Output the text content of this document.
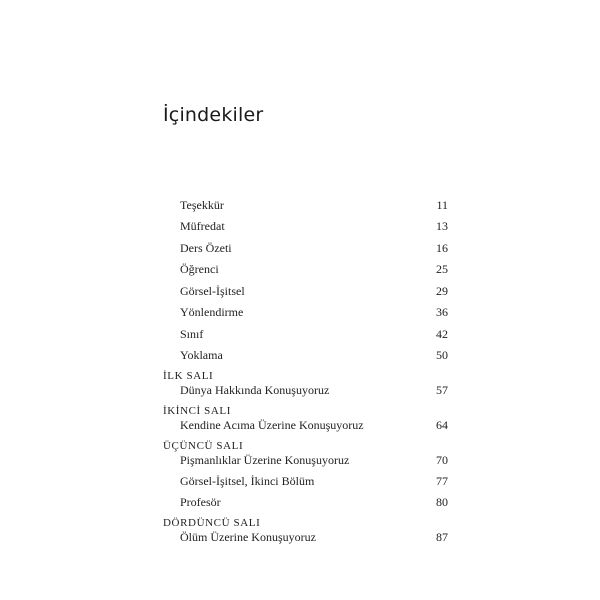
İçindekiler
Teşekkür	11
Müfredat	13
Ders Özeti	16
Öğrenci	25
Görsel-İşitsel	29
Yönlendirme	36
Sınıf	42
Yoklama	50
İLK SALI
Dünya Hakkında Konuşuyoruz	57
İKİNCİ SALI
Kendine Acıma Üzerine Konuşuyoruz	64
ÜÇÜNCÜ SALI
Pişmanlıklar Üzerine Konuşuyoruz	70
Görsel-İşitsel, İkinci Bölüm	77
Profesör	80
DÖRDÜNCÜ SALI
Ölüm Üzerine Konuşuyoruz	87
